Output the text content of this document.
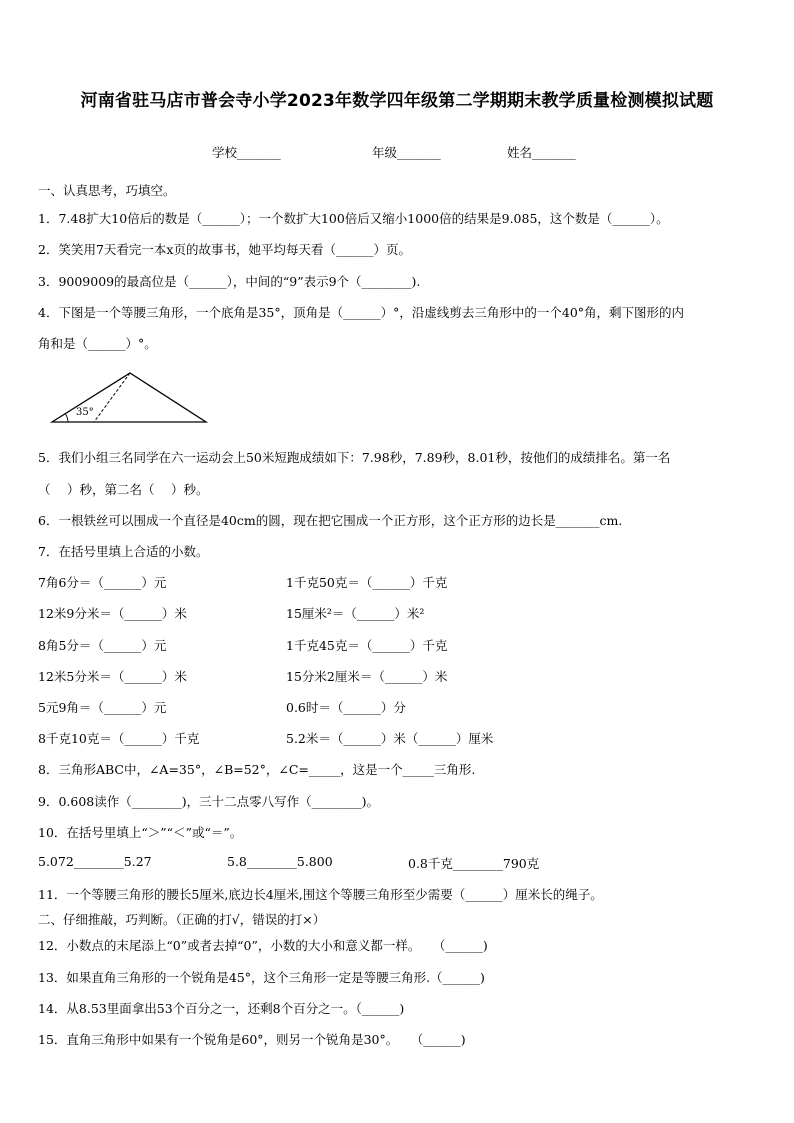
河南省驻马店市普会寺小学2023年数学四年级第二学期期末教学质量检测模拟试题
学校_______	年级_______	姓名_______
一、认真思考，巧填空。
1．7.48扩大10倍后的数是（______）；一个数扩大100倍后又缩小1000倍的结果是9.085，这个数是（______）。
2．笑笑用7天看完一本x页的故事书，她平均每天看（______）页。
3．9009009的最高位是（______），中间的“9”表示9个（________).
4．下图是一个等腰三角形，一个底角是35°，顶角是（______）°，沿虚线剪去三角形中的一个40°角，剩下图形的内
角和是（______）°。
35°
5．我们小组三名同学在六一运动会上50米短跑成绩如下：7.98秒，7.89秒，8.01秒，按他们的成绩排名。第一名
（　 ）秒，第二名（　 ）秒。
6．一根铁丝可以围成一个直径是40cm的圆，现在把它围成一个正方形，这个正方形的边长是_______cm.
7．在括号里填上合适的小数。
7角6分＝（______）元	1千克50克＝（______）千克
12米9分米＝（______）米	15厘米²＝（______）米²
8角5分＝（______）元	1千克45克＝（______）千克
12米5分米＝（______）米	15分米2厘米＝（______）米
5元9角＝（______）元	0.6时＝（______）分
8千克10克＝（______）千克	5.2米＝（______）米（______）厘米
8．三角形ABC中，∠A=35°，∠B=52°，∠C=_____，这是一个_____三角形.
9．0.608读作（________)，三十二点零八写作（________)。
10．在括号里填上“＞”“＜”或“＝”。
5.072________5.27	5.8________5.800	0.8千克________790克
11．一个等腰三角形的腰长5厘米,底边长4厘米,围这个等腰三角形至少需要（______）厘米长的绳子。
二、仔细推敲，巧判断。（正确的打√，错误的打×）
12．小数点的末尾添上“0”或者去掉“0”，小数的大小和意义都一样。　　（______)
13．如果直角三角形的一个锐角是45°，这个三角形一定是等腰三角形.（______)
14．从8.53里面拿出53个百分之一，还剩8个百分之一。（______)
15．直角三角形中如果有一个锐角是60°，则另一个锐角是30°。　　（______)
